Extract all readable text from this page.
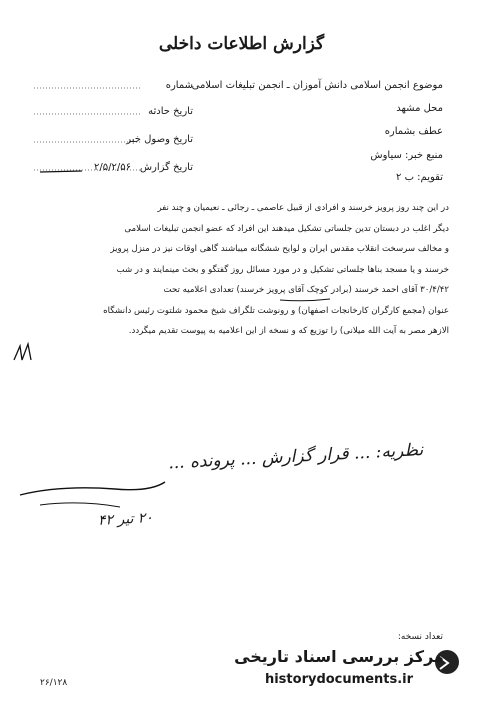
گزارش اطلاعات داخلی
موضوع انجمن اسلامی دانش آموزان ـ انجمن تبلیغات اسلامی
محل مشهد
عطف بشماره
منبع خبر: سیاوش
تقویم: ب ۲
شماره
تاریخ حادثه
تاریخ وصول خبر
تاریخ گزارش
۲/۵/۲/۵۶

در این چند روز پرویز خرسند و افرادی از قبیل عاصمی ـ رجائی ـ نعیمیان و چند نفر

دیگر اغلب در دبستان تدین جلساتی تشکیل میدهند این افراد که عضو انجمن تبلیغات اسلامی

و مخالف سرسخت انقلاب مقدس ایران و لوایح ششگانه میباشند گاهی اوقات نیز در منزل پرویز

خرسند و یا مسجد بناها جلساتی تشکیل و در مورد مسائل روز گفتگو و بحث مینمایند و در شب

۳۰/۴/۴۲ آقای احمد خرسند (برادر کوچک آقای پرویز خرسند) تعدادی اعلامیه تحت

عنوان (مجمع کارگران کارخانجات اصفهان) و رونوشت تلگراف شیخ محمود شلتوت رئیس دانشگاه

الازهر مصر به آیت الله میلانی) را توزیع که و نسخه از این اعلامیه به پیوست تقدیم میگردد.

نظریه: ... قرار گزارش ... پرونده ...
۲۰ تیر ۴۲
تعداد نسخه:
۲۶/۱۲۸
مرکز بررسی اسناد تاریخی
historydocuments.ir
